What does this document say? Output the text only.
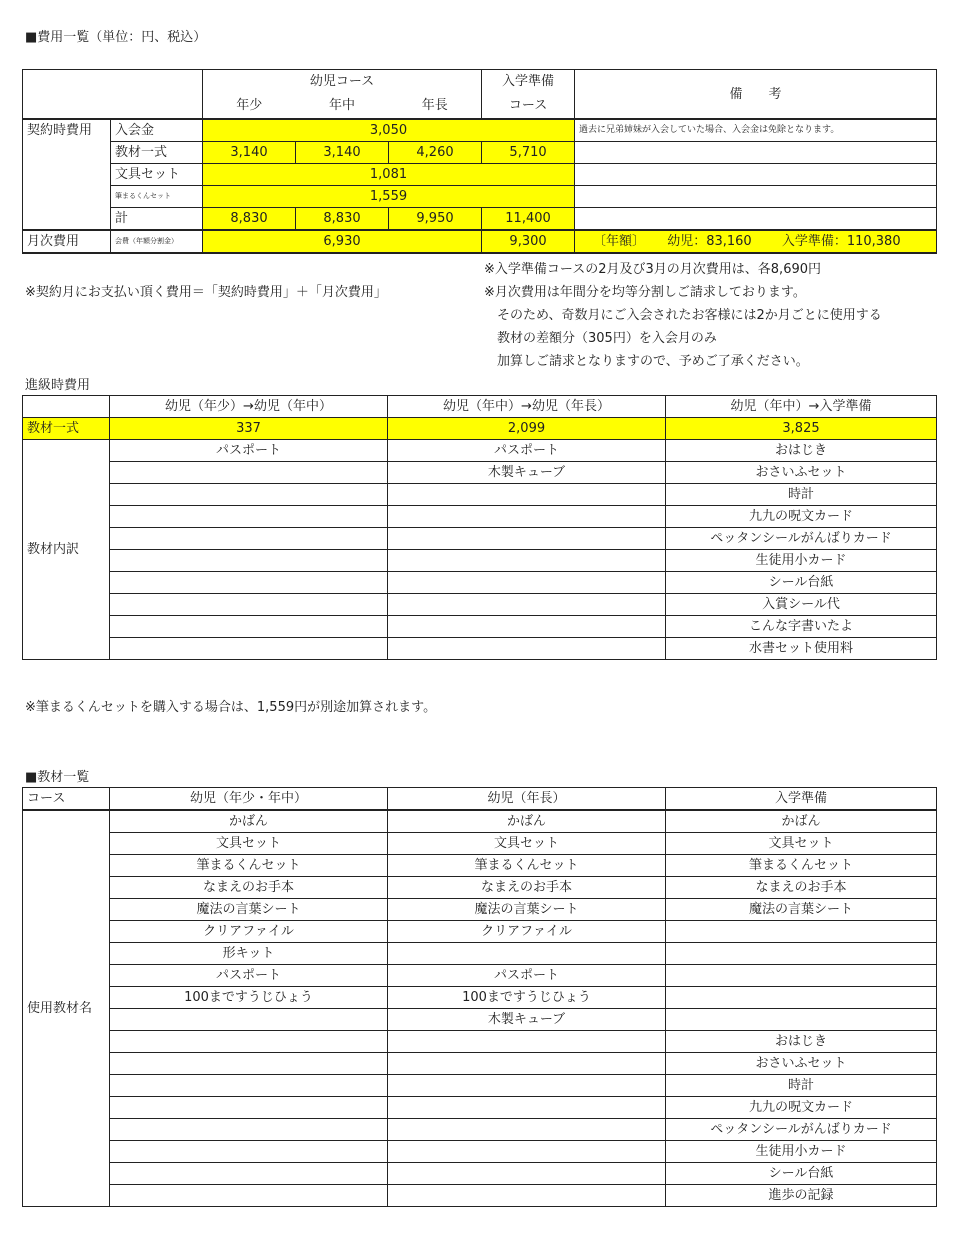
■費用一覧（単位：円、税込）
		幼児コース			入学準備	備　　考
		年少	年中	年長	コース	
契約時費用	入会金	3,050				過去に兄弟姉妹が入会していた場合、入会金は免除となります。
	教材一式	3,140	3,140	4,260	5,710	
	文具セット	1,081				
	筆まるくんセット	1,559				
	計	8,830	8,830	9,950	11,400	
月次費用	会費（年額分割金）	6,930			9,300	〔年額〕 幼児：83,160 入学準備：110,380
※入学準備コースの2月及び3月の月次費用は、各8,690円
※契約月にお支払い頂く費用＝「契約時費用」＋「月次費用」	※月次費用は年間分を均等分割しご請求しております。
そのため、奇数月にご入会されたお客様には2か月ごとに使用する
教材の差額分（305円）を入会月のみ
加算しご請求となりますので、予めご了承ください。
進級時費用
	幼児（年少）→幼児（年中）	幼児（年中）→幼児（年長）	幼児（年中）→入学準備
教材一式	337	2,099	3,825
教材内訳	パスポート	パスポート	おはじき
		木製キューブ	おさいふセット
			時計
			九九の呪文カード
			ペッタンシールがんばりカード
			生徒用小カード
			シール台紙
			入賞シール代
			こんな字書いたよ
			水書セット使用料
※筆まるくんセットを購入する場合は、1,559円が別途加算されます。
■教材一覧
コース	幼児（年少・年中）	幼児（年長）	入学準備
使用教材名	かばん	かばん	かばん
	文具セット	文具セット	文具セット
	筆まるくんセット	筆まるくんセット	筆まるくんセット
	なまえのお手本	なまえのお手本	なまえのお手本
	魔法の言葉シート	魔法の言葉シート	魔法の言葉シート
	クリアファイル	クリアファイル	
	形キット		
	パスポート	パスポート	
	100まですうじひょう	100まですうじひょう	
		木製キューブ	
			おはじき
			おさいふセット
			時計
			九九の呪文カード
			ペッタンシールがんばりカード
			生徒用小カード
			シール台紙
			進歩の記録
